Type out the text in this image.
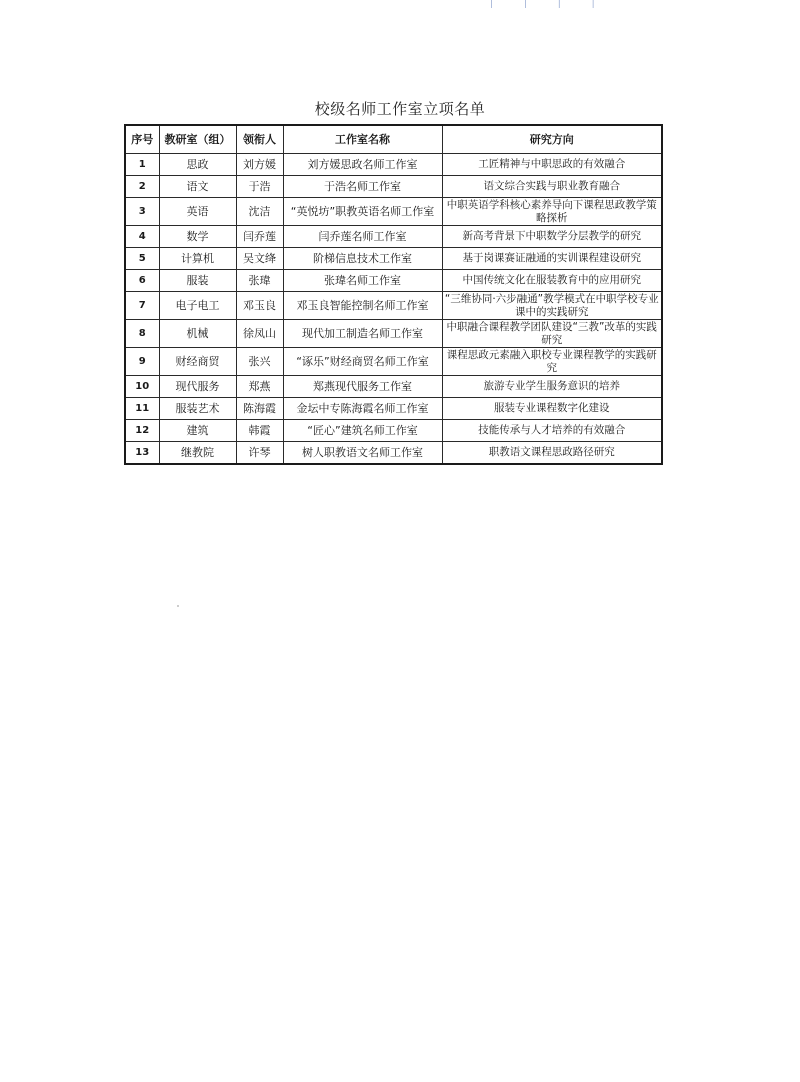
| | | |
校级名师工作室立项名单
序号	教研室（组）	领衔人	工作室名称	研究方向
1	思政	刘方媛	刘方媛思政名师工作室	工匠精神与中职思政的有效融合
2	语文	于浩	于浩名师工作室	语文综合实践与职业教育融合
3	英语	沈洁	“英悦坊”职教英语名师工作室	中职英语学科核心素养导向下课程思政教学策略探析
4	数学	闫乔莲	闫乔莲名师工作室	新高考背景下中职数学分层教学的研究
5	计算机	吴文绛	阶梯信息技术工作室	基于岗课赛证融通的实训课程建设研究
6	服装	张瑋	张瑋名师工作室	中国传统文化在服装教育中的应用研究
7	电子电工	邓玉良	邓玉良智能控制名师工作室	“三维协同·六步融通”教学模式在中职学校专业课中的实践研究
8	机械	徐凤山	现代加工制造名师工作室	中职融合课程教学团队建设“三教”改革的实践研究
9	财经商贸	张兴	“诼乐”财经商贸名师工作室	课程思政元素融入职校专业课程教学的实践研究
10	现代服务	郑燕	郑燕现代服务工作室	旅游专业学生服务意识的培养
11	服装艺术	陈海霞	金坛中专陈海霞名师工作室	服装专业课程数字化建设
12	建筑	韩霞	“匠心”建筑名师工作室	技能传承与人才培养的有效融合
13	继教院	许琴	树人职教语文名师工作室	职教语文课程思政路径研究
